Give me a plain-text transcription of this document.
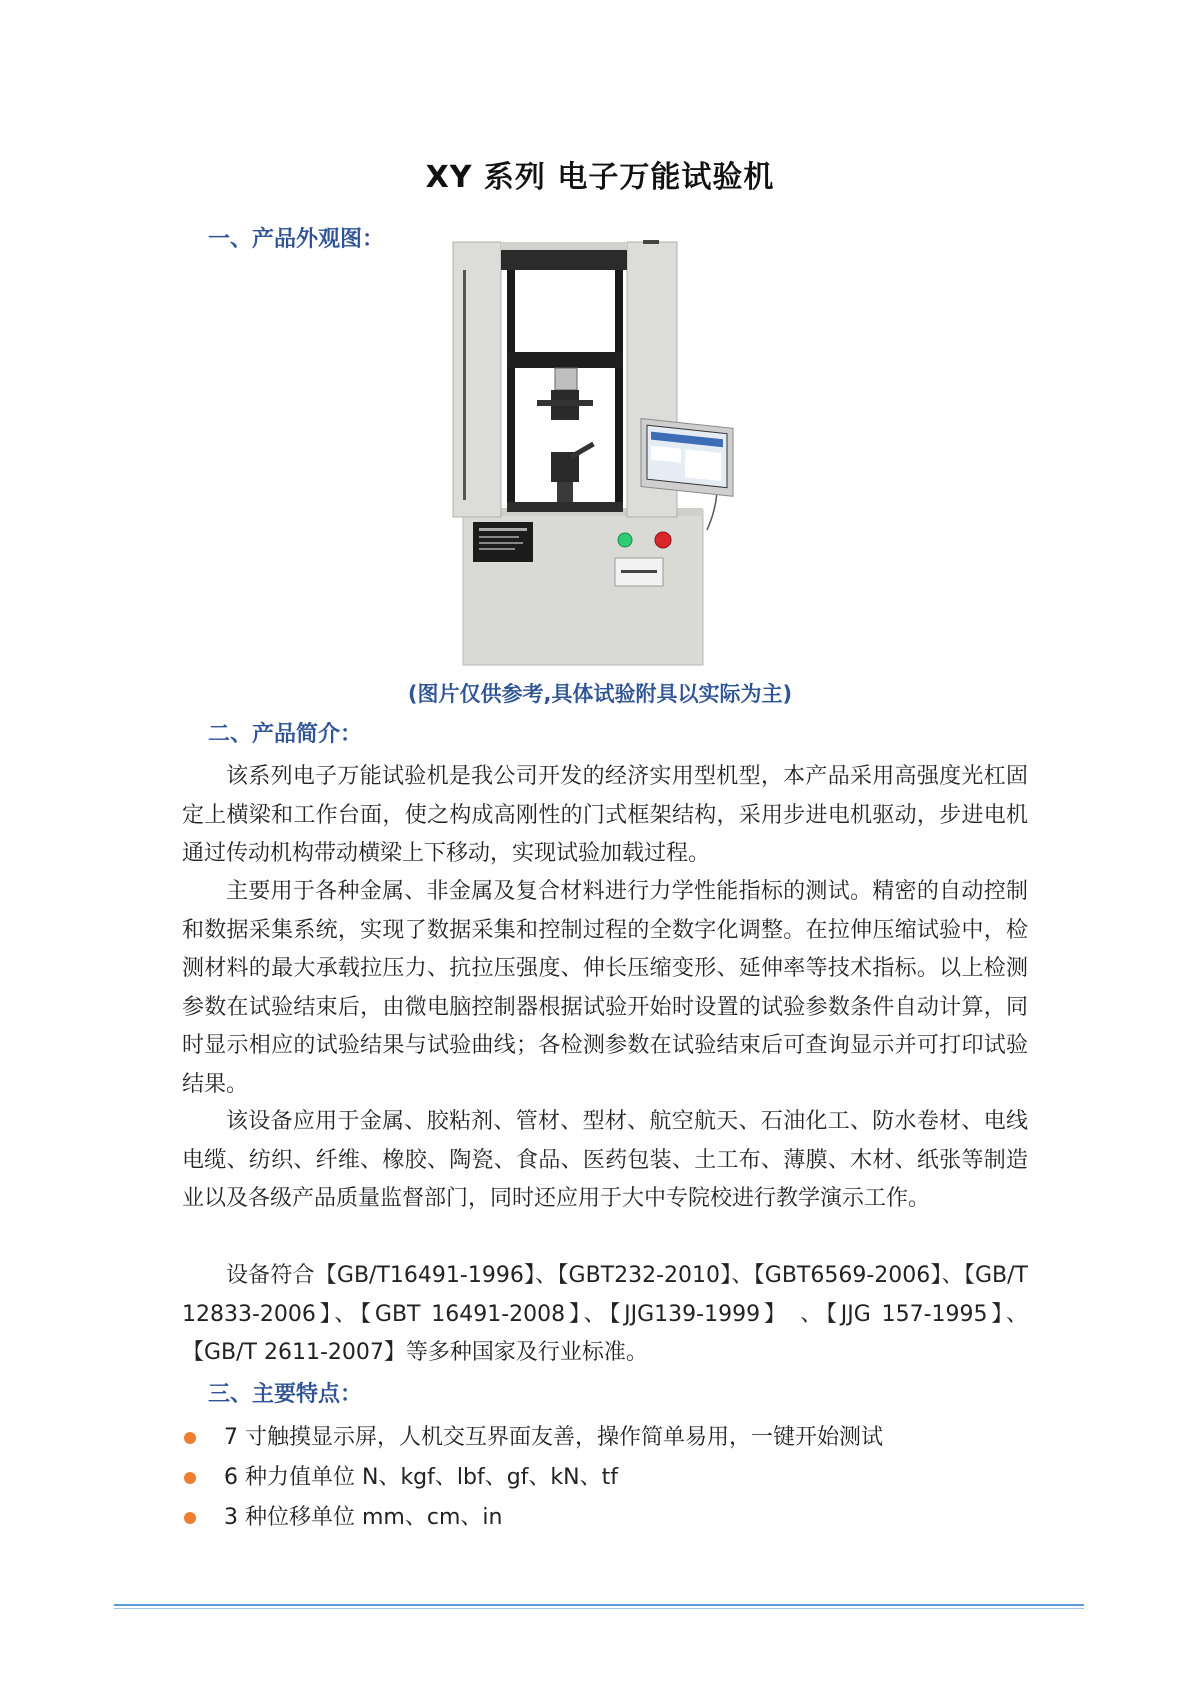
XY 系列 电子万能试验机
一、产品外观图：
(图片仅供参考,具体试验附具以实际为主)
二、产品简介：

该系列电子万能试验机是我公司开发的经济实用型机型，本产品采用高强度光杠固定上横梁和工作台面，使之构成高刚性的门式框架结构，采用步进电机驱动，步进电机通过传动机构带动横梁上下移动，实现试验加载过程。

主要用于各种金属、非金属及复合材料进行力学性能指标的测试。精密的自动控制和数据采集系统，实现了数据采集和控制过程的全数字化调整。在拉伸压缩试验中，检测材料的最大承载拉压力、抗拉压强度、伸长压缩变形、延伸率等技术指标。以上检测参数在试验结束后，由微电脑控制器根据试验开始时设置的试验参数条件自动计算，同时显示相应的试验结果与试验曲线；各检测参数在试验结束后可查询显示并可打印试验结果。

该设备应用于金属、胶粘剂、管材、型材、航空航天、石油化工、防水卷材、电线电缆、纺织、纤维、橡胶、陶瓷、食品、医药包装、土工布、薄膜、木材、纸张等制造业以及各级产品质量监督部门，同时还应用于大中专院校进行教学演示工作。

设备符合【GB/T16491-1996】、【GBT232-2010】、【GBT6569-2006】、【GB/T 12833-2006】、【GBT 16491-2008】、【JJG139-1999】 、【JJG 157-1995】、【GB/T 2611-2007】等多种国家及行业标准。

三、主要特点：
7 寸触摸显示屏，人机交互界面友善，操作简单易用，一键开始测试
6 种力值单位 N、kgf、lbf、gf、kN、tf
3 种位移单位 mm、cm、in
